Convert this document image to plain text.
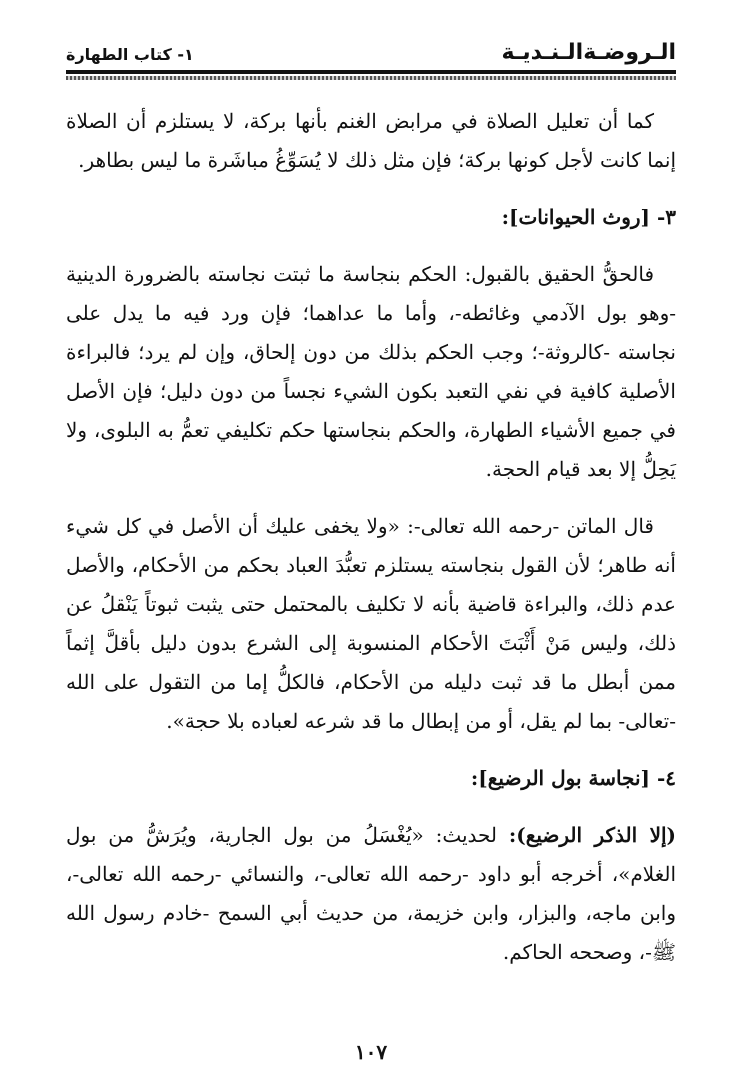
الـروضـةالـنـديـة
١- كتاب الطهارة

كما أن تعليل الصلاة في مرابض الغنم بأنها بركة، لا يستلزم أن الصلاة إنما كانت لأجل كونها بركة؛ فإن مثل ذلك لا يُسَوِّغُ مباشَرة ما ليس بطاهر.

٣- [روث الحيوانات]:

فالحقُّ الحقيق بالقبول: الحكم بنجاسة ما ثبتت نجاسته بالضرورة الدينية -وهو بول الآدمي وغائطه-، وأما ما عداهما؛ فإن ورد فيه ما يدل على نجاسته -كالروثة-؛ وجب الحكم بذلك من دون إلحاق، وإن لم يرد؛ فالبراءة الأصلية كافية في نفي التعبد بكون الشيء نجساً من دون دليل؛ فإن الأصل في جميع الأشياء الطهارة، والحكم بنجاستها حكم تكليفي تعمُّ به البلوى، ولا يَحِلُّ إلا بعد قيام الحجة.

قال الماتن -رحمه الله تعالى-: «ولا يخفى عليك أن الأصل في كل شيء أنه طاهر؛ لأن القول بنجاسته يستلزم تعبُّدَ العباد بحكم من الأحكام، والأصل عدم ذلك، والبراءة قاضية بأنه لا تكليف بالمحتمل حتى يثبت ثبوتاً يَنْقلُ عن ذلك، وليس مَنْ أَثْبَتَ الأحكام المنسوبة إلى الشرع بدون دليل بأقلَّ إثماً ممن أبطل ما قد ثبت دليله من الأحكام، فالكلُّ إما من التقول على الله -تعالى- بما لم يقل، أو من إبطال ما قد شرعه لعباده بلا حجة».

٤- [نجاسة بول الرضيع]:

(إلا الذكر الرضيع): لحديث: «يُغْسَلُ من بول الجارية، ويُرَشُّ من بول الغلام»، أخرجه أبو داود -رحمه الله تعالى-، والنسائي -رحمه الله تعالى-، وابن ماجه، والبزار، وابن خزيمة، من حديث أبي السمح -خادم رسول الله ﷺ-، وصححه الحاكم.

١٠٧
